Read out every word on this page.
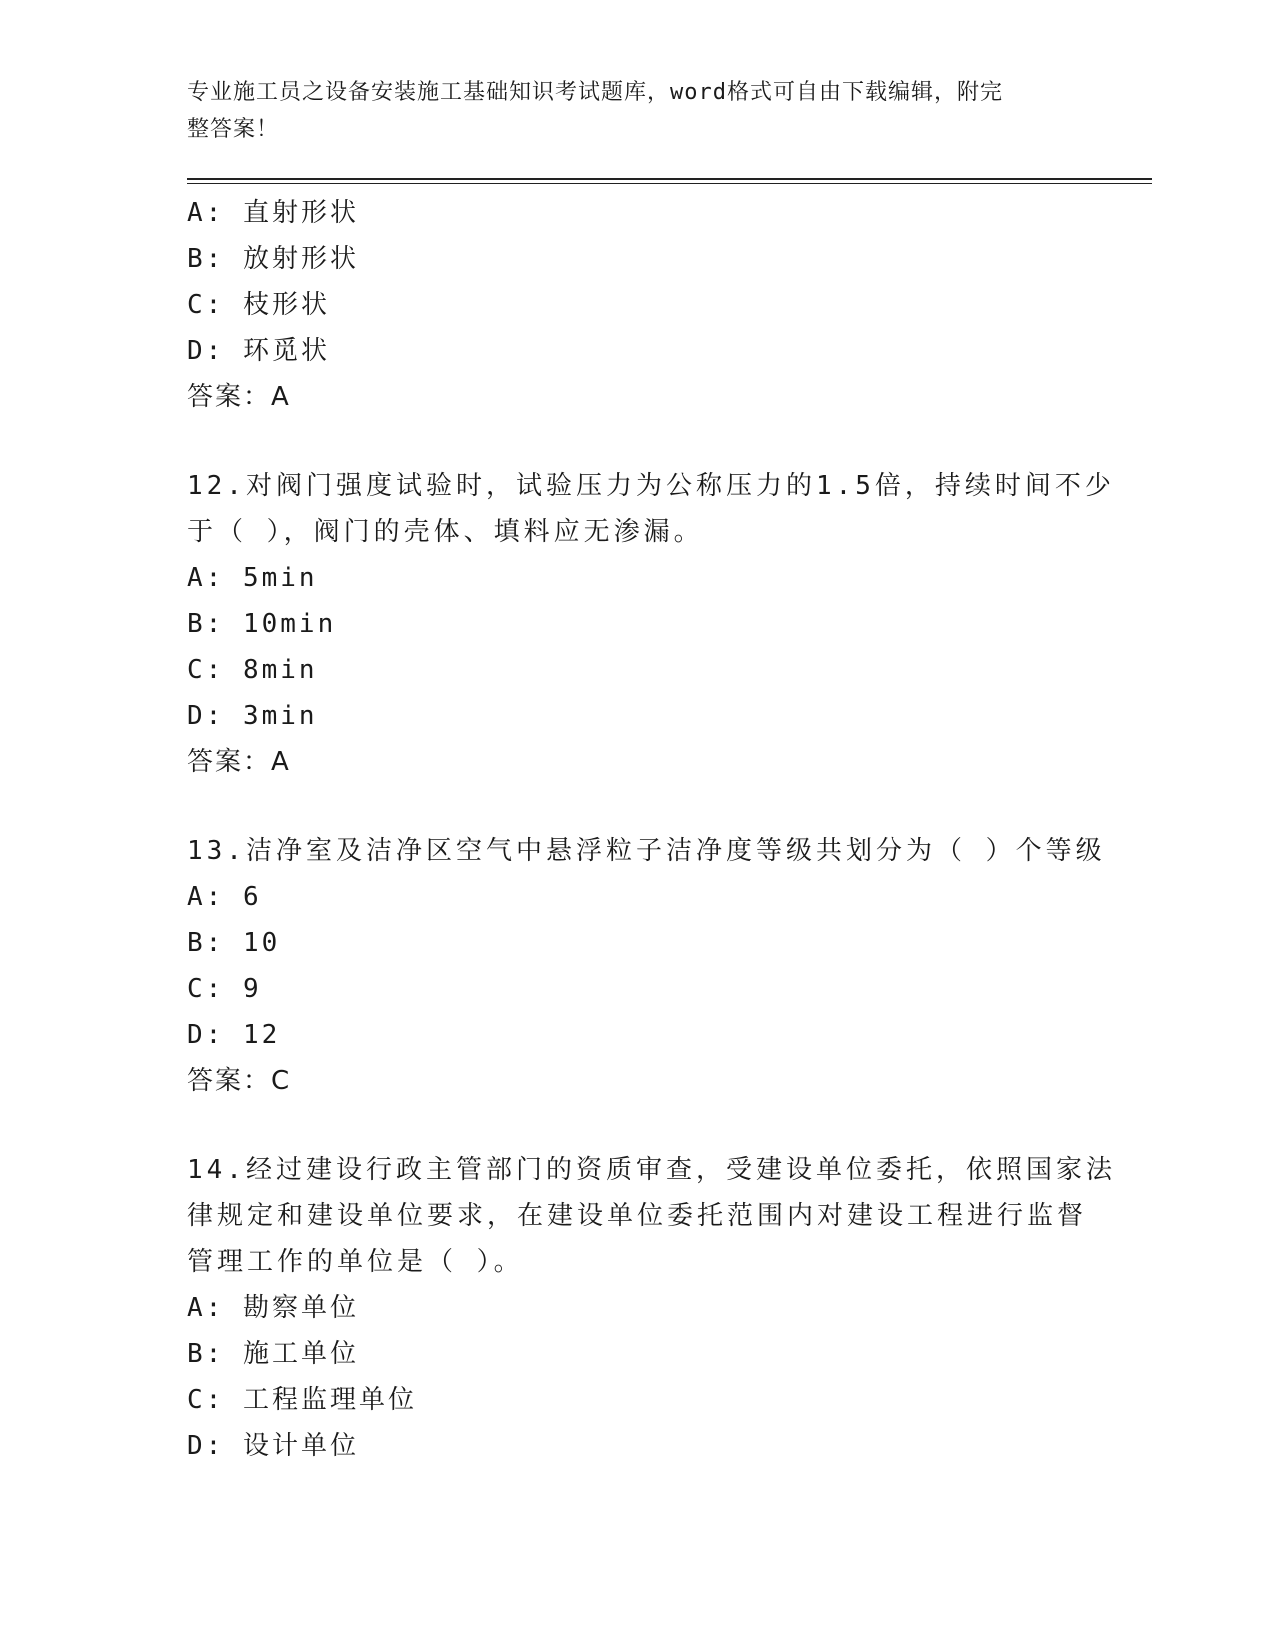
专业施工员之设备安装施工基础知识考试题库，word格式可自由下载编辑，附完
整答案！
A: 直射形状
B: 放射形状
C: 枝形状
D: 环觅状
答案：A
12.对阀门强度试验时，试验压力为公称压力的1.5倍，持续时间不少
于（ ），阀门的壳体、填料应无渗漏。
A: 5min
B: 10min
C: 8min
D: 3min
答案：A
13.洁净室及洁净区空气中悬浮粒子洁净度等级共划分为（ ）个等级
A: 6
B: 10
C: 9
D: 12
答案：C
14.经过建设行政主管部门的资质审查，受建设单位委托，依照国家法
律规定和建设单位要求，在建设单位委托范围内对建设工程进行监督
管理工作的单位是（ ）。
A: 勘察单位
B: 施工单位
C: 工程监理单位
D: 设计单位
